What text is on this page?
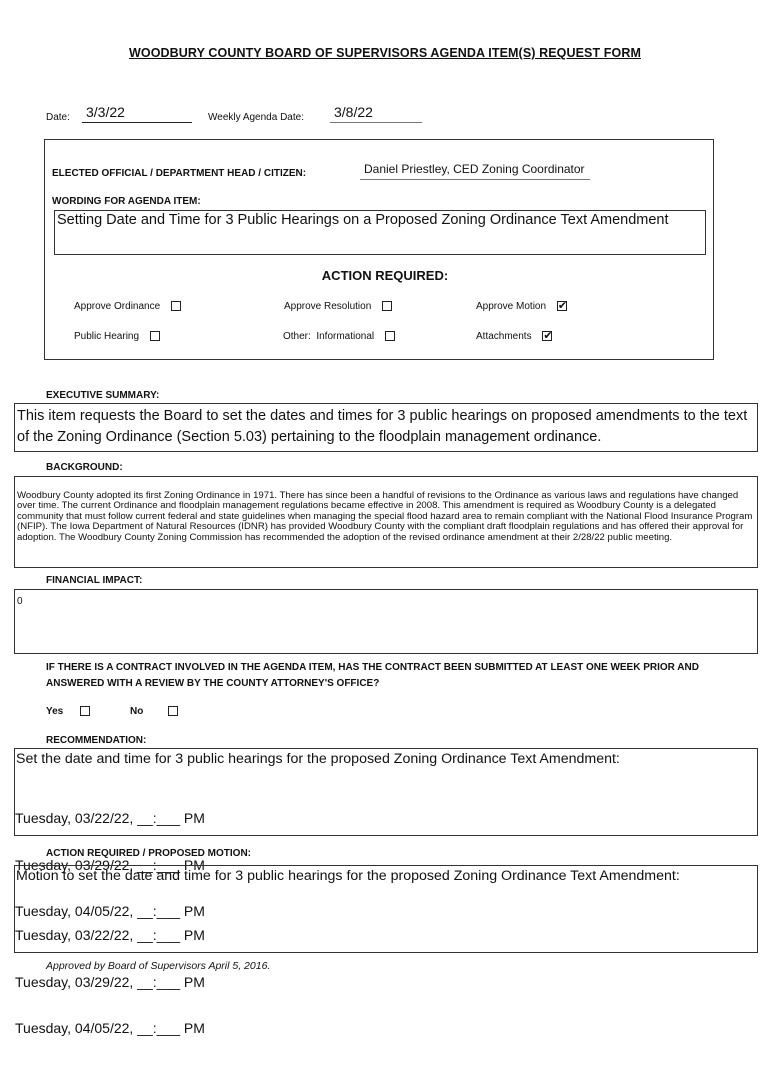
WOODBURY COUNTY BOARD OF SUPERVISORS AGENDA ITEM(S) REQUEST FORM
Date: 3/3/22	Weekly Agenda Date: 3/8/22
ELECTED OFFICIAL / DEPARTMENT HEAD / CITIZEN:	Daniel Priestley, CED Zoning Coordinator
WORDING FOR AGENDA ITEM:
Setting Date and Time for 3 Public Hearings on a Proposed Zoning Ordinance Text Amendment
ACTION REQUIRED:
Approve Ordinance	Approve Resolution	Approve Motion ✔
Public Hearing	Other:  Informational	Attachments ✔
EXECUTIVE SUMMARY:
This item requests the Board to set the dates and times for 3 public hearings on proposed amendments to the text of the Zoning Ordinance (Section 5.03) pertaining to the floodplain management ordinance.
BACKGROUND:
Woodbury County adopted its first Zoning Ordinance in 1971. There has since been a handful of revisions to the Ordinance as various laws and regulations have changed over time. The current Ordinance and floodplain management regulations became effective in 2008. This amendment is required as Woodbury County is a delegated community that must follow current federal and state guidelines when managing the special flood hazard area to remain compliant with the National Flood Insurance Program (NFIP). The Iowa Department of Natural Resources (IDNR) has provided Woodbury County with the compliant draft floodplain regulations and has offered their approval for adoption. The Woodbury County Zoning Commission has recommended the adoption of the revised ordinance amendment at their 2/28/22 public meeting.
FINANCIAL IMPACT:
0
IF THERE IS A CONTRACT INVOLVED IN THE AGENDA ITEM, HAS THE CONTRACT BEEN SUBMITTED AT LEAST ONE WEEK PRIOR AND ANSWERED WITH A REVIEW BY THE COUNTY ATTORNEY'S OFFICE?
Yes	No
RECOMMENDATION:
Set the date and time for 3 public hearings for the proposed Zoning Ordinance Text Amendment:

Tuesday, 03/22/22, __:___ PM

Tuesday, 03/29/22, __:___ PM

Tuesday, 04/05/22, __:___ PM

ACTION REQUIRED / PROPOSED MOTION:
Motion to set the date and time for 3 public hearings for the proposed Zoning Ordinance Text Amendment:

Tuesday, 03/22/22, __:___ PM

Tuesday, 03/29/22, __:___ PM

Tuesday, 04/05/22, __:___ PM

Approved by Board of Supervisors April 5, 2016.
